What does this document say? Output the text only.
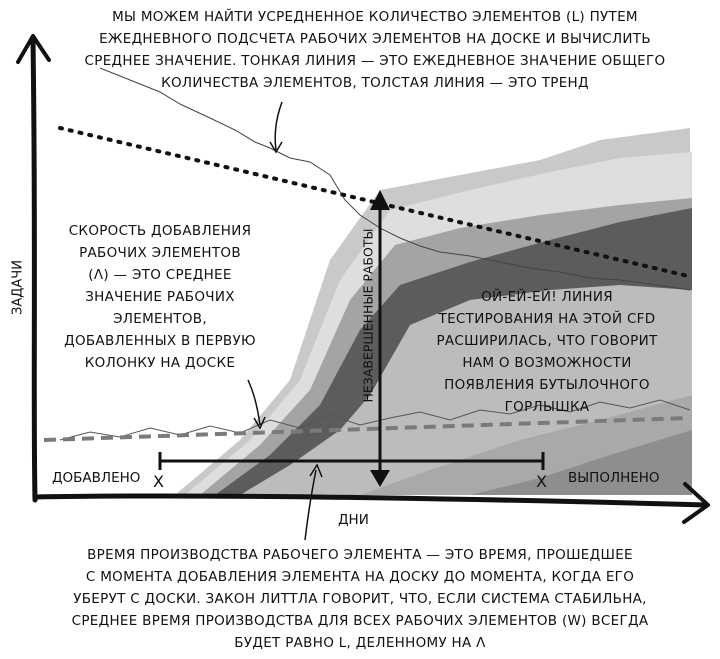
МЫ МОЖЕМ НАЙТИ УСРЕДНЕННОЕ КОЛИЧЕСТВО ЭЛЕМЕНТОВ (L) ПУТЕМ
ЕЖЕДНЕВНОГО ПОДСЧЕТА РАБОЧИХ ЭЛЕМЕНТОВ НА ДОСКЕ И ВЫЧИСЛИТЬ
СРЕДНЕЕ ЗНАЧЕНИЕ. ТОНКАЯ ЛИНИЯ — ЭТО ЕЖЕДНЕВНОЕ ЗНАЧЕНИЕ ОБЩЕГО
КОЛИЧЕСТВА ЭЛЕМЕНТОВ, ТОЛСТАЯ ЛИНИЯ — ЭТО ТРЕНД
СКОРОСТЬ ДОБАВЛЕНИЯ
РАБОЧИХ ЭЛЕМЕНТОВ
(Λ) — ЭТО СРЕДНЕЕ
ЗНАЧЕНИЕ РАБОЧИХ
ЭЛЕМЕНТОВ,
ДОБАВЛЕННЫХ В ПЕРВУЮ
КОЛОНКУ НА ДОСКЕ
ОЙ-ЕЙ-ЕЙ! ЛИНИЯ
ТЕСТИРОВАНИЯ НА ЭТОЙ CFD
РАСШИРИЛАСЬ, ЧТО ГОВОРИТ
НАМ О ВОЗМОЖНОСТИ
ПОЯВЛЕНИЯ БУТЫЛОЧНОГО
ГОРЛЫШКА
ВРЕМЯ ПРОИЗВОДСТВА РАБОЧЕГО ЭЛЕМЕНТА — ЭТО ВРЕМЯ, ПРОШЕДШЕЕ
С МОМЕНТА ДОБАВЛЕНИЯ ЭЛЕМЕНТА НА ДОСКУ ДО МОМЕНТА, КОГДА ЕГО
УБЕРУТ С ДОСКИ. ЗАКОН ЛИТТЛА ГОВОРИТ, ЧТО, ЕСЛИ СИСТЕМА СТАБИЛЬНА,
СРЕДНЕЕ ВРЕМЯ ПРОИЗВОДСТВА ДЛЯ ВСЕХ РАБОЧИХ ЭЛЕМЕНТОВ (W) ВСЕГДА
БУДЕТ РАВНО L, ДЕЛЕННОМУ НА Λ
ЗАДАЧИ
ДНИ
ДОБАВЛЕНО	ВЫПОЛНЕНО
X	X
НЕЗАВЕРШЕННЫЕ РАБОТЫ
